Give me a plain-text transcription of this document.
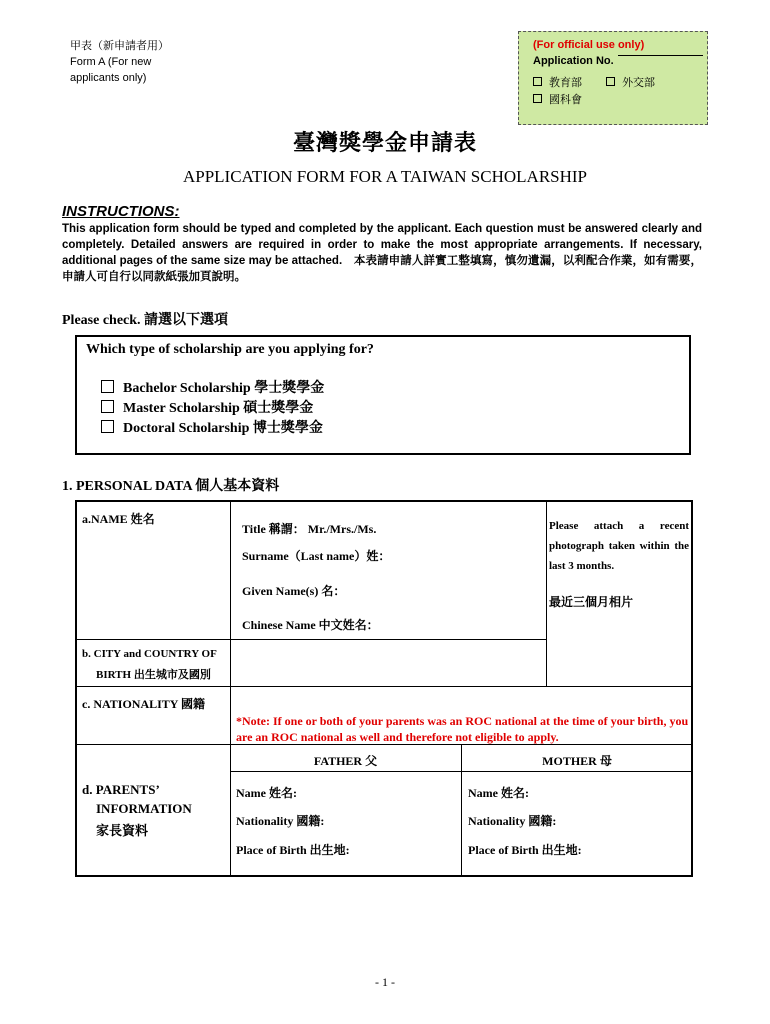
甲表（新申請者用）
Form A (For new
applicants only)
(For official use only)
Application No.
教育部	外交部
國科會
臺灣獎學金申請表
APPLICATION FORM FOR A TAIWAN SCHOLARSHIP
INSTRUCTIONS:
This application form should be typed and completed by the applicant. Each question must be answered clearly and completely. Detailed answers are required in order to make the most appropriate arrangements. If necessary, additional pages of the same size may be attached.　本表請申請人詳實工整填寫，慎勿遺漏，以利配合作業，如有需要，申請人可自行以同款紙張加頁說明。
Please check. 請選以下選項
Which type of scholarship are you applying for?
Bachelor Scholarship 學士獎學金
Master Scholarship 碩士獎學金
Doctoral Scholarship 博士獎學金
1. PERSONAL DATA 個人基本資料
a.NAME 姓名
Title 稱謂： Mr./Mrs./Ms.
Surname（Last name）姓：
Given Name(s) 名：
Chinese Name 中文姓名：
Please attach a recent photograph taken within the last 3 months.
最近三個月相片
b. CITY and COUNTRY OF
BIRTH 出生城市及國別
c. NATIONALITY 國籍
*Note: If one or both of your parents was an ROC national at the time of your birth, you are an ROC national as well and therefore not eligible to apply.
FATHER 父	MOTHER 母
d. PARENTS’
INFORMATION
家長資料
Name 姓名:
Nationality 國籍:
Place of Birth 出生地:
Name 姓名:
Nationality 國籍:
Place of Birth 出生地:
- 1 -
